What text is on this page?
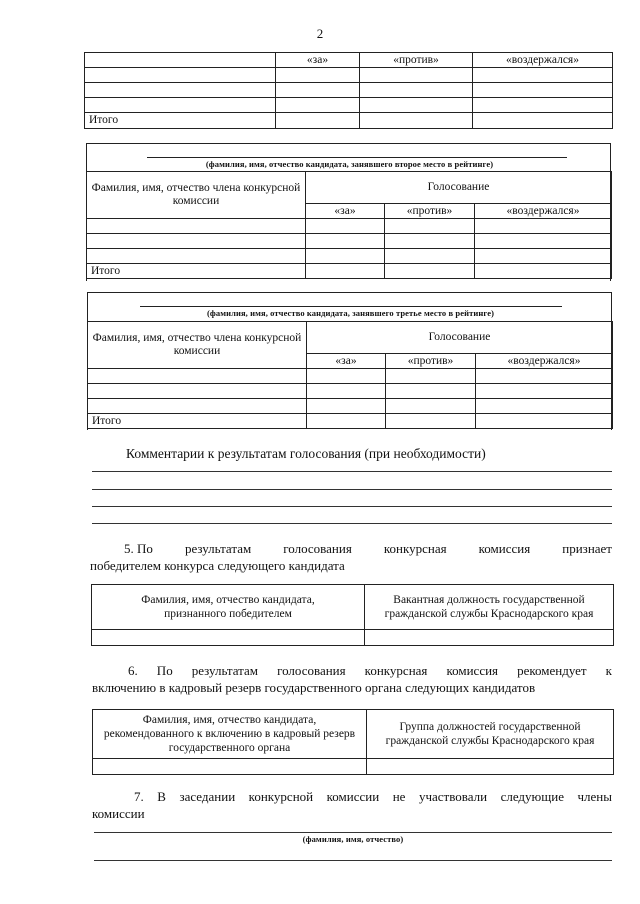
2
	«за»	«против»	«воздержался»

Итого			
(фамилия, имя, отчество кандидата, занявшего второе место в рейтинге)
Фамилия, имя, отчество члена конкурсной комиссии	Голосование		
	«за»	«против»	«воздержался»

Итого			
(фамилия, имя, отчество кандидата, занявшего третье место в рейтинге)
Фамилия, имя, отчество члена конкурсной комиссии	Голосование		
	«за»	«против»	«воздержался»

Итого			
Комментарии к результатам голосования (при необходимости)
5. По результатам голосования конкурсная комиссия признает
победителем конкурса следующего кандидата
Фамилия, имя, отчество кандидата, признанного победителем	Вакантная должность государственной гражданской службы Краснодарского края

6. По результатам голосования конкурсная комиссия рекомендует к
включению в кадровый резерв государственного органа следующих кандидатов
Фамилия, имя, отчество кандидата, рекомендованного к включению в кадровый резерв государственного органа	Группа должностей государственной гражданской службы Краснодарского края

7. В заседании конкурсной комиссии не участвовали следующие члены
комиссии
(фамилия, имя, отчество)
